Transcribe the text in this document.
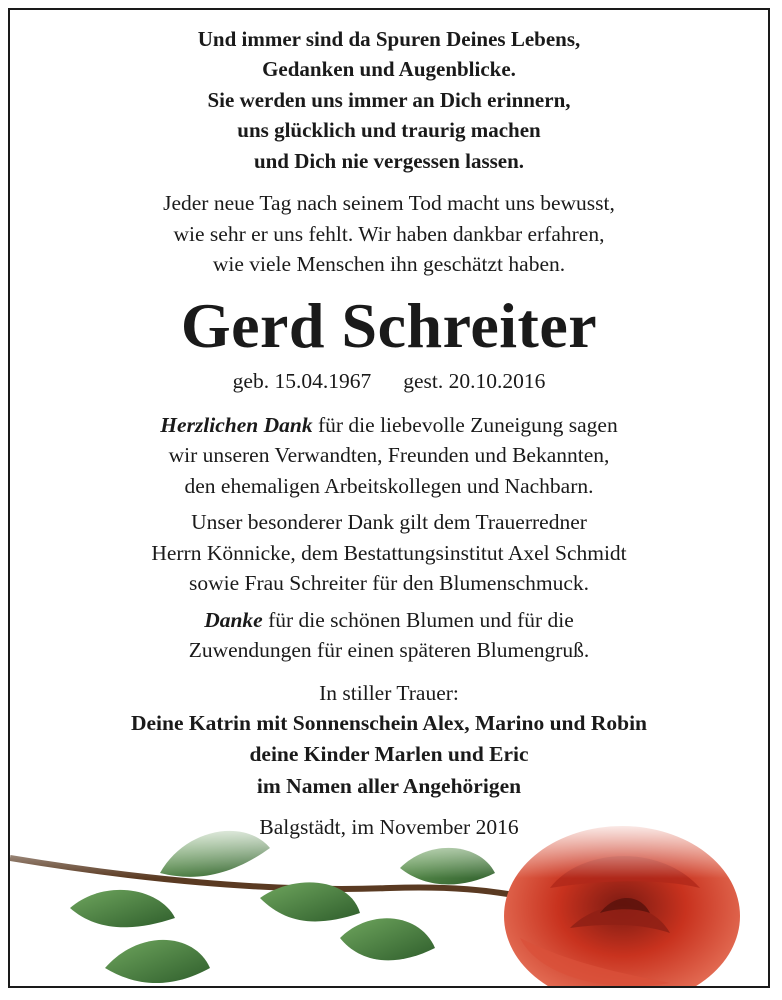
Und immer sind da Spuren Deines Lebens,
Gedanken und Augenblicke.
Sie werden uns immer an Dich erinnern,
uns glücklich und traurig machen
und Dich nie vergessen lassen.
Jeder neue Tag nach seinem Tod macht uns bewusst,
wie sehr er uns fehlt. Wir haben dankbar erfahren,
wie viele Menschen ihn geschätzt haben.
Gerd Schreiter
geb. 15.04.1967 gest. 20.10.2016
Herzlichen Dank für die liebevolle Zuneigung sagen
wir unseren Verwandten, Freunden und Bekannten,
den ehemaligen Arbeitskollegen und Nachbarn.
Unser besonderer Dank gilt dem Trauerredner
Herrn Könnicke, dem Bestattungsinstitut Axel Schmidt
sowie Frau Schreiter für den Blumenschmuck.
Danke für die schönen Blumen und für die
Zuwendungen für einen späteren Blumengruß.
In stiller Trauer:
Deine Katrin mit Sonnenschein Alex, Marino und Robin
deine Kinder Marlen und Eric
im Namen aller Angehörigen
Balgstädt, im November 2016
